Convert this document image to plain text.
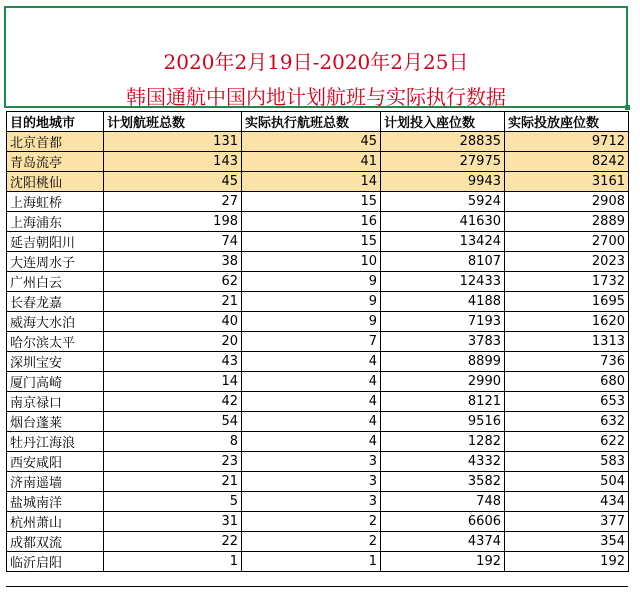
2020年2月19日-2020年2月25日
韩国通航中国内地计划航班与实际执行数据
目的地城市	计划航班总数	实际执行航班总数	计划投入座位数	实际投放座位数
北京首都	131	45	28835	9712
青岛流亭	143	41	27975	8242
沈阳桃仙	45	14	9943	3161
上海虹桥	27	15	5924	2908
上海浦东	198	16	41630	2889
延吉朝阳川	74	15	13424	2700
大连周水子	38	10	8107	2023
广州白云	62	9	12433	1732
长春龙嘉	21	9	4188	1695
威海大水泊	40	9	7193	1620
哈尔滨太平	20	7	3783	1313
深圳宝安	43	4	8899	736
厦门高崎	14	4	2990	680
南京禄口	42	4	8121	653
烟台蓬莱	54	4	9516	632
牡丹江海浪	8	4	1282	622
西安咸阳	23	3	4332	583
济南遥墙	21	3	3582	504
盐城南洋	5	3	748	434
杭州萧山	31	2	6606	377
成都双流	22	2	4374	354
临沂启阳	1	1	192	192
